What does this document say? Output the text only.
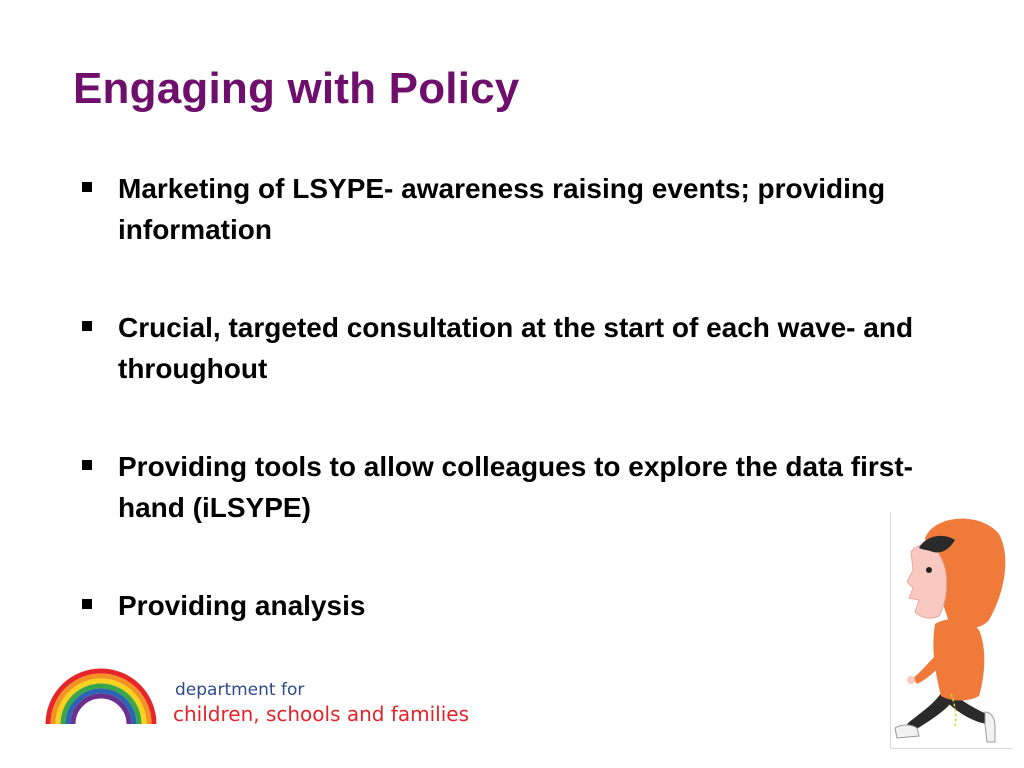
Engaging with Policy
Marketing of LSYPE- awareness raising events; providing information
Crucial, targeted consultation at the start of each wave- and throughout
Providing tools to allow colleagues to explore the data first-hand (iLSYPE)
Providing analysis
department for
children, schools and families
